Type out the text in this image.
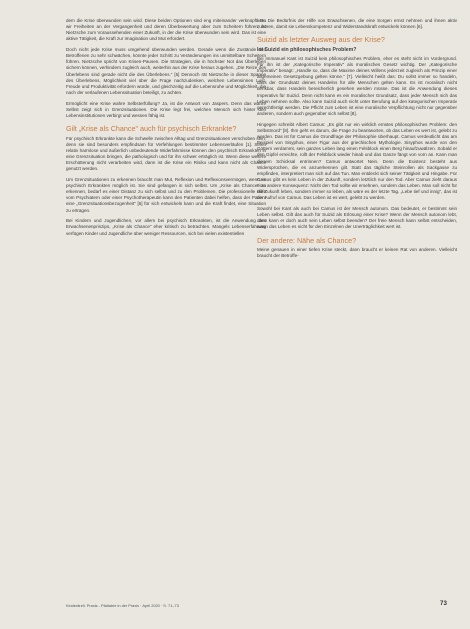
dem die Krise überwunden sein wird. Diese beiden Optionen sind eng miteinander verknüpft. Da wir Freiheiten an der Vergangenheit und deren Überbewertung aber zum Scheitern führen, ist Nietzsche zum Voraussehenden einer Zukunft, in der die Krise überwunden sein wird. Das ist eine aktive Tätigkeit, die Kraft zur Imagination und Mut erfordert.

Doch nicht jede Krise muss umgehend überwunden werden. Gerade wenn die Zustände den Betroffenen zu sehr schwächen, könnte jeder Schritt zu Veränderungen ins unmittelbare Scheitern führen. Nietzsche spricht von Krisen-Pausen. Die Strategien, die in höchster Not das Überleben sichern können, verhindern zugleich auch, weiterhin aus der Krise heraus zugehen. „Die Reize des Überlebens sind gerade nicht die des Überlebens." [5] Dennoch rät Nietzsche in dieser Spanne des Überlebens, Möglichkeit viel über die Frage nachzudenken, welchen Lebensinnen Lust, Freude und Produktivität erfordern würde, und gleichzeitig auf die Lebensruhe und Möglichkeit, die nach der verlaufenen Lebenssituation beteiligt, zu achten.

Ermöglicht eine Krise wahre Selbsterfüllung? Ja, ist die Antwort von Jaspers. Denn das wahre Selbst zeigt sich in Grenzsituationen. Die Krise legt frei, welchen Mensch sich hinter den Lebensinstitutionen verbirgt und wessen fähig ist.

Gilt „Krise als Chance" auch für psychisch Erkrankte?

Für psychisch Erkrankte kann die Schwelle zwischen Alltag und Grenzsituationen verschoben sein, denn sie sind besonders empfindsam für Verfehlungen bestimmter Lebensverläufen [1]. Seien relativ harmlose und äußerlich unbedeutende Widerfahrnisse können den psychisch Erkrankten in eine Grenzsituation bringen, die pathologisch und für ihn schwer erträglich ist. Wenn diese weitere Erschütterung nicht verarbeiten wird, dann ist die Krise ein Risiko und kann nicht als Chance genutzt werden.

Um Grenzsituationen zu erkennen braucht man Mut, Reflexion und Reflexionsvermögen, wenn es psychisch Erkrankten möglich ist. Sie sind gefangen in sich selbst. Um „Krise als Chance" zu erkennen, bedarf es einer Distanz zu sich selbst und zu den Problemen. Die professionelle Hilfe vom Psychiatern oder einer Psychotherapeutin kann den Patienten dabei helfen, dass der Patient eine „Grenzsituationsbezogenheit" [5] für sich entwickeln kann und die Kraft findet, eine Situation zu ertragen.

Bei Kindern und Jugendlichen, vor allem bei psychisch Erkrankten, ist die Anwendung des Erwachsenenprinzips, „Krise als Chance" eher kritisch zu betrachten. Mangels Lebenserfahrung verfügen Kinder und Jugendliche über weniger Ressourcen, sich bei vielen existentiellen

ken. Die Bedürfnis der Hilfe von Erwachsenen, die eine Sorgen ernst nehmen und ihnen aktiv zuhören, damit sie Lebenskompetenz und Widerstandskraft entwickeln können [6].

Suizid als letzter Ausweg aus der Krise?
Ist Suizid ein philosophisches Problem?

Bei Immanuel Kant ist Suizid kein philosophisches Problem, eher es steht nicht im Vordergrund. Für ihn ist der „Kategorische Imperativ" als moralisches Gesetz wichtig. Der „Kategorische Imperativ" besagt: „Handle so, dass die Maxime deines Willens jederzeit zugleich als Prinzip einer allgemeinen Gesetzgebung gelten könne." [7]. Vielleicht heißt das: Du sollst immer so handeln, dass der Grundsatz deines Handelns für alle Menschen gelten kann. Es ist moralisch nicht denkbar, dass Handeln bereicherlich gesehen werden müsse. Das ist die Anwendung dieses Imperativs für Suizid. Denn nicht kann es ein moralischer Grundsatz, dass jeder Mensch sich das Leben nehmen sollte. Also kann Suizid auch nicht unter Berufung auf den kategorischen Imperativ gerechtfertigt werden. Die Pflicht zum Leben ist eine moralische Verpflichtung nicht nur gegenüber anderen, sondern auch gegenüber sich selbst [8].

Hingegen schreibt Albert Camus: „Es gibt nur ein wirklich ernstes philosophisches Problem: den Selbstmord" [8]. Ihm geht es darum, die Frage zu beantworten, ob das Leben es wert ist, gelebt zu werden. Das ist für Camus die Grundfrage der Philosophie überhaupt. Camus verdeutlicht das am Beispiel von Sisyphos, einer Figur aus der griechischen Mythologie. Sisyphos wurde von den Göttern verdammt, sein ganzes Leben lang einen Felsblock einen Berg hinaufzuwälzen. Sobald er den Gipfel erreichte, rollt der Felsblock wieder hinab und das Ganze fängt von vorn an. Kann man diesem Schicksal entrinnen? Camus antwortet Nein. Denn die Existenz besteht aus Widersprüchen, die es anzuerkennen gilt. Statt das tägliche Steinrollen als Sackgasse zu empfinden, interpretiert man sich auf das Tun. Man entdeckt sich seiner Tätigkeit und Hingabe. Für Camus gibt es kein Leben in der Zukunft, sondern letztlich nur den Tod. Aber Camus zieht daraus eine andere Konsequenz: Nicht den Tod sollte wir ersehnen, sondern das Leben. Man soll nicht für die Zukunft leben, sondern immer so leben, als wäre es der letzte Tag. „Lebe tief und innig", das ist der Aufruf von Camus. Das Leben ist es wert, gelebt zu werden.

Sowohl bei Kant als auch bei Camus ist der Mensch autonom. Das bedeutet, er bestimmt sein Leben selbst. Gilt das auch für Suizid als Erlösung einer Krise? Wenn der Mensch autonom lebt, dann kann er doch auch sein Leben selbst beenden? Der freie Mensch kann selbst entscheiden, wann das Leben es nicht für den Einzelnen der Unerträglichkeit wert ist.

Der andere: Nähe als Chance?

Meine genauen in einer tiefen Krise steckt, dann braucht er keinen Rat von anderen. Vielleicht braucht der Betroffe-

Kinderärztl. Praxis - Pädiatrie in der Praxis · April 2020 · S. 71–73	73
